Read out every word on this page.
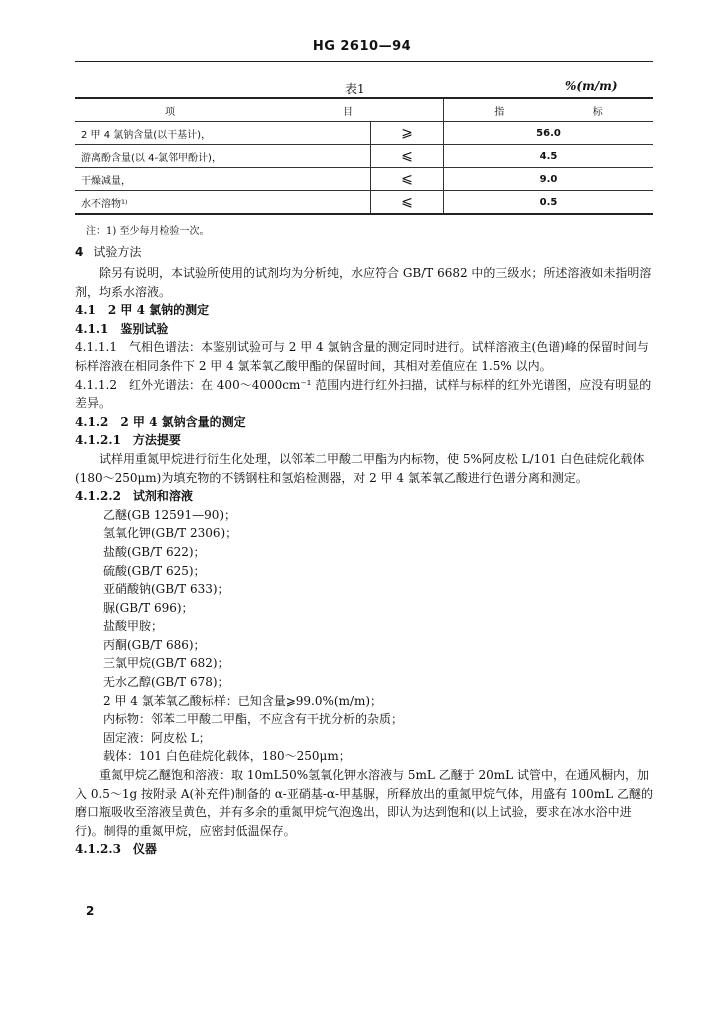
HG 2610—94
表1	%(m/m)
项 目		指 标

2 甲 4 氯钠含量(以干基计)，	⩾	56.0
游离酚含量(以 4-氯邻甲酚计)，	⩽	4.5
干燥减量，	⩽	9.0
水不溶物¹⁾	⩽	0.5
注：1) 至少每月检验一次。
4 试验方法

除另有说明，本试验所使用的试剂均为分析纯，水应符合 GB/T 6682 中的三级水；所述溶液如未指明溶剂，均系水溶液。

4.1　2 甲 4 氯钠的测定

4.1.1　鉴别试验

4.1.1.1　气相色谱法：本鉴别试验可与 2 甲 4 氯钠含量的测定同时进行。试样溶液主(色谱)峰的保留时间与标样溶液在相同条件下 2 甲 4 氯苯氧乙酸甲酯的保留时间，其相对差值应在 1.5% 以内。

4.1.1.2　红外光谱法：在 400～4000cm⁻¹ 范围内进行红外扫描，试样与标样的红外光谱图，应没有明显的差异。

4.1.2　2 甲 4 氯钠含量的测定

4.1.2.1　方法提要

试样用重氮甲烷进行衍生化处理，以邻苯二甲酸二甲酯为内标物，使 5%阿皮松 L/101 白色硅烷化载体(180～250μm)为填充物的不锈钢柱和氢焰检测器，对 2 甲 4 氯苯氧乙酸进行色谱分离和测定。

4.1.2.2　试剂和溶液

乙醚(GB 12591—90)；

氢氧化钾(GB/T 2306)；

盐酸(GB/T 622)；

硫酸(GB/T 625)；

亚硝酸钠(GB/T 633)；

脲(GB/T 696)；

盐酸甲胺；

丙酮(GB/T 686)；

三氯甲烷(GB/T 682)；

无水乙醇(GB/T 678)；

2 甲 4 氯苯氧乙酸标样：已知含量⩾99.0%(m/m)；

内标物：邻苯二甲酸二甲酯，不应含有干扰分析的杂质；

固定液：阿皮松 L；

载体：101 白色硅烷化载体，180～250μm；

重氮甲烷乙醚饱和溶液：取 10mL50%氢氧化钾水溶液与 5mL 乙醚于 20mL 试管中，在通风橱内，加入 0.5～1g 按附录 A(补充件)制备的 α-亚硝基-α-甲基脲，所释放出的重氮甲烷气体，用盛有 100mL 乙醚的磨口瓶吸收至溶液呈黄色，并有多余的重氮甲烷气泡逸出，即认为达到饱和(以上试验，要求在冰水浴中进行)。制得的重氮甲烷，应密封低温保存。

4.1.2.3　仪器

2
